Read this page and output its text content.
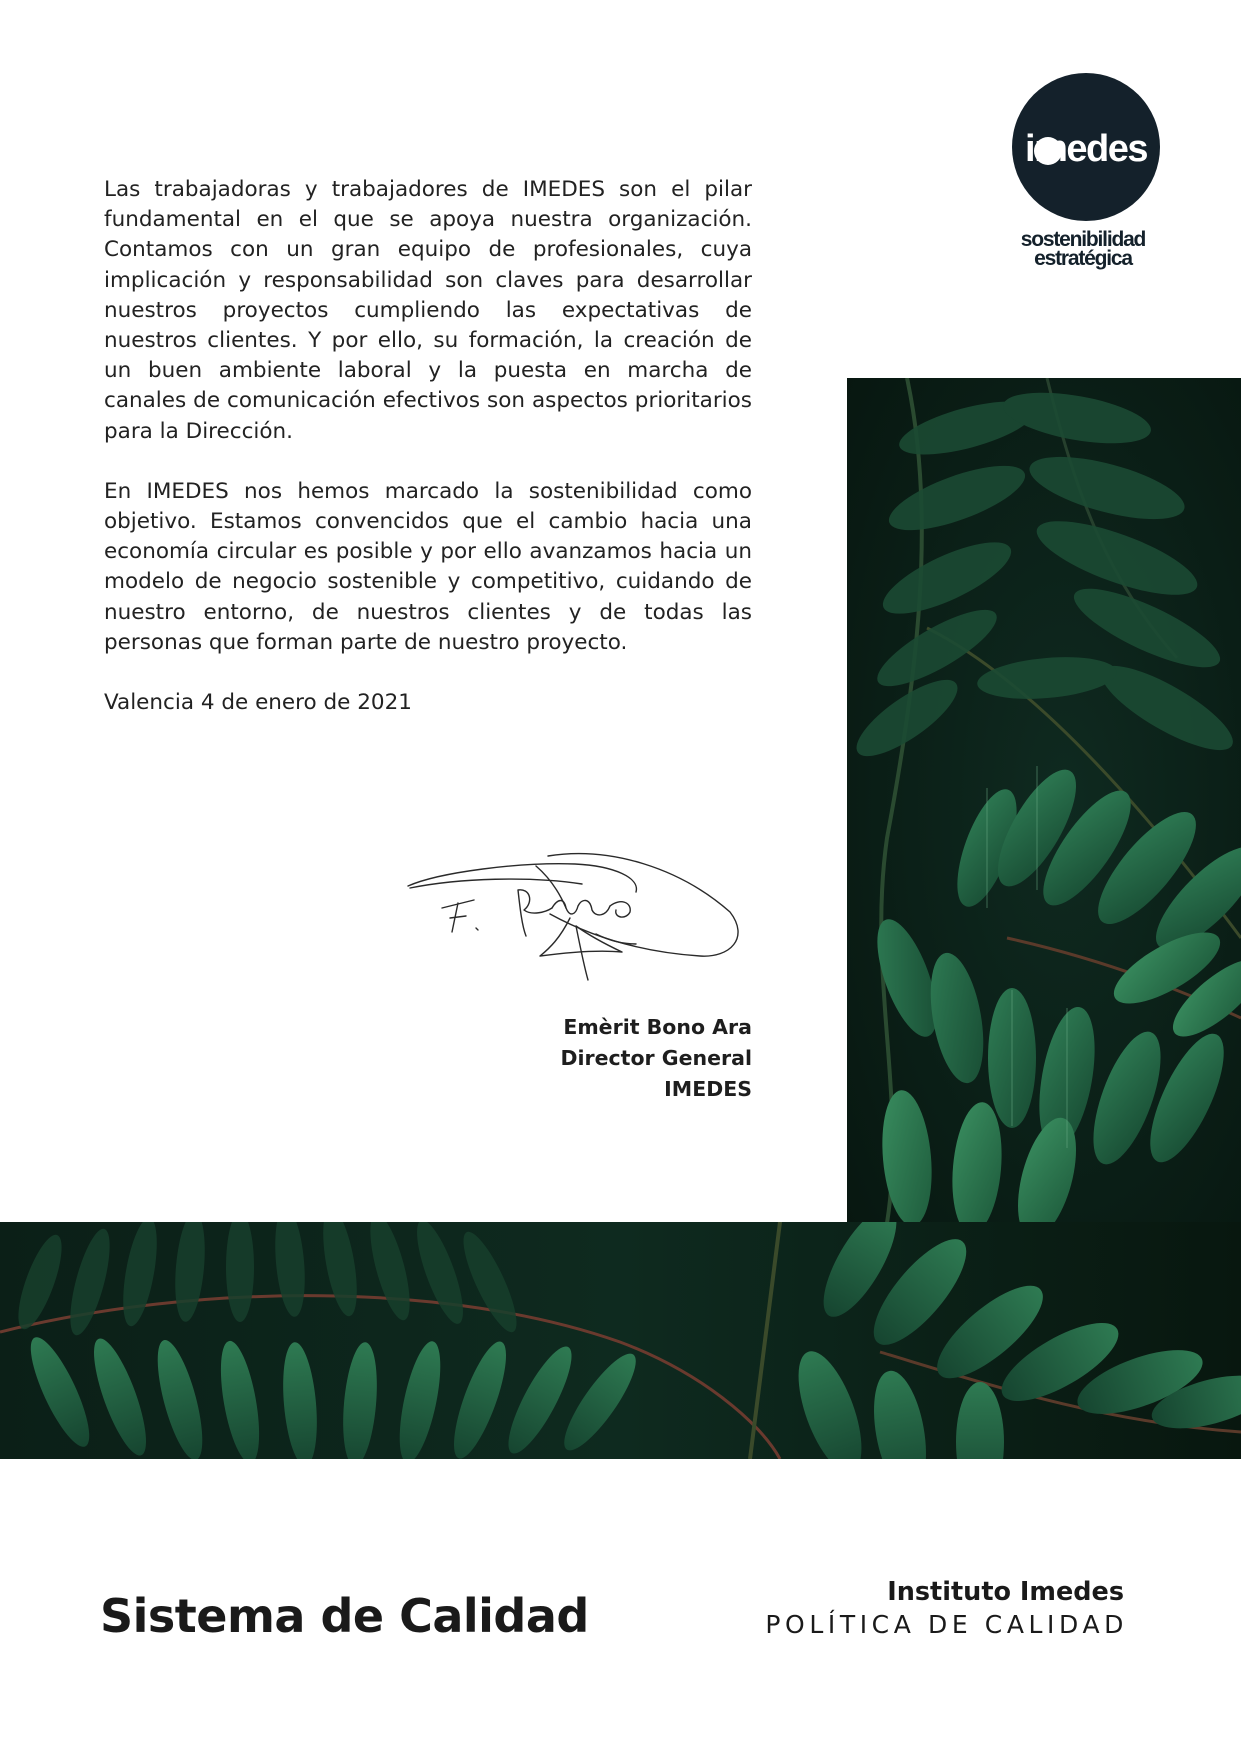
imedes
sostenibilidad
estratégica

Las trabajadoras y trabajadores de IMEDES son el pilar fundamental en el que se apoya nuestra organización. Contamos con un gran equipo de profesionales, cuya implicación y responsabilidad son claves para desarrollar nuestros proyectos cumpliendo las expectativas de nuestros clientes. Y por ello, su formación, la creación de un buen ambiente laboral y la puesta en marcha de canales de comunicación efectivos son aspectos prioritarios para la Dirección.

En IMEDES nos hemos marcado la sostenibilidad como objetivo. Estamos convencidos que el cambio hacia una economía circular es posible y por ello avanzamos hacia un modelo de negocio sostenible y competitivo, cuidando de nuestro entorno, de nuestros clientes y de todas las personas que forman parte de nuestro proyecto.

Valencia 4 de enero de 2021

Emèrit Bono Ara
Director General
IMEDES
Sistema de Calidad	Instituto Imedes
POLÍTICA DE CALIDAD
